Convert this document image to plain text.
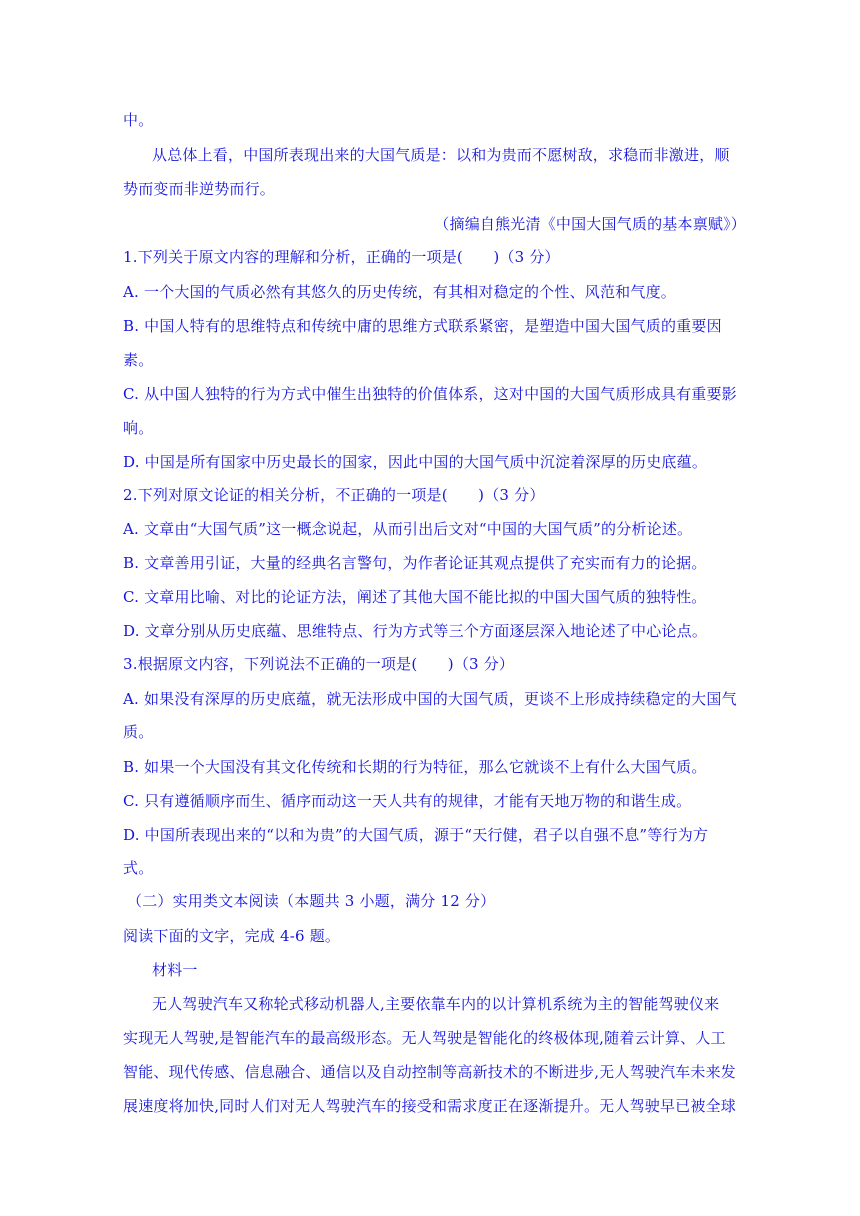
中。
从总体上看，中国所表现出来的大国气质是：以和为贵而不愿树敌，求稳而非激进，顺
势而变而非逆势而行。
（摘编自熊光清《中国大国气质的基本禀赋》）
1.下列关于原文内容的理解和分析，正确的一项是(　　)（3 分）
A. 一个大国的气质必然有其悠久的历史传统，有其相对稳定的个性、风范和气度。
B. 中国人特有的思维特点和传统中庸的思维方式联系紧密，是塑造中国大国气质的重要因
素。
C. 从中国人独特的行为方式中催生出独特的价值体系，这对中国的大国气质形成具有重要影
响。
D. 中国是所有国家中历史最长的国家，因此中国的大国气质中沉淀着深厚的历史底蕴。
2.下列对原文论证的相关分析，不正确的一项是(　　)（3 分）
A. 文章由“大国气质”这一概念说起，从而引出后文对“中国的大国气质”的分析论述。
B. 文章善用引证，大量的经典名言警句，为作者论证其观点提供了充实而有力的论据。
C. 文章用比喻、对比的论证方法，阐述了其他大国不能比拟的中国大国气质的独特性。
D. 文章分别从历史底蕴、思维特点、行为方式等三个方面逐层深入地论述了中心论点。
3.根据原文内容，下列说法不正确的一项是(　　)（3 分）
A. 如果没有深厚的历史底蕴，就无法形成中国的大国气质，更谈不上形成持续稳定的大国气
质。
B. 如果一个大国没有其文化传统和长期的行为特征，那么它就谈不上有什么大国气质。
C. 只有遵循顺序而生、循序而动这一天人共有的规律，才能有天地万物的和谐生成。
D. 中国所表现出来的“以和为贵”的大国气质，源于“天行健，君子以自强不息”等行为方
式。
（二）实用类文本阅读（本题共 3 小题，满分 12 分）
阅读下面的文字，完成 4-6 题。
材料一
无人驾驶汽车又称轮式移动机器人,主要依靠车内的以计算机系统为主的智能驾驶仪来
实现无人驾驶,是智能汽车的最高级形态。无人驾驶是智能化的终极体现,随着云计算、人工
智能、现代传感、信息融合、通信以及自动控制等高新技术的不断进步,无人驾驶汽车未来发
展速度将加快,同时人们对无人驾驶汽车的接受和需求度正在逐渐提升。无人驾驶早已被全球
